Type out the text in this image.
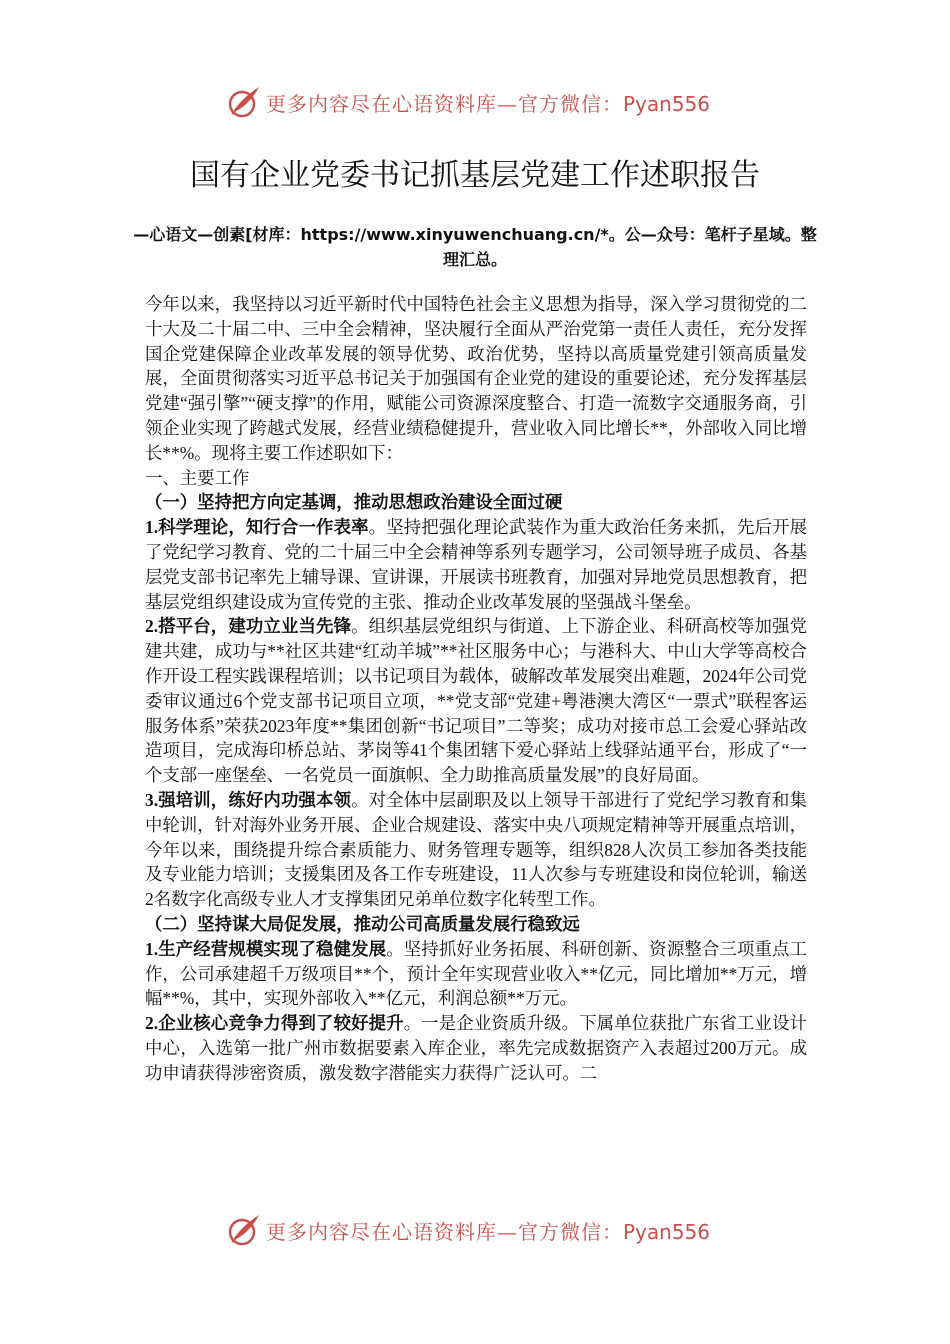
更多内容尽在心语资料库—官方微信：Pyan556
国有企业党委书记抓基层党建工作述职报告
—心语文—创素[材库：https://www.xinyuwenchuang.cn/*。公—众号：笔杆子星域。整理汇总。

今年以来，我坚持以习近平新时代中国特色社会主义思想为指导，深入学习贯彻党的二十大及二十届二中、三中全会精神，坚决履行全面从严治党第一责任人责任，充分发挥国企党建保障企业改革发展的领导优势、政治优势，坚持以高质量党建引领高质量发展，全面贯彻落实习近平总书记关于加强国有企业党的建设的重要论述，充分发挥基层党建“强引擎”“硬支撑”的作用，赋能公司资源深度整合、打造一流数字交通服务商，引领企业实现了跨越式发展，经营业绩稳健提升，营业收入同比增长**，外部收入同比增长**%。现将主要工作述职如下：

一、主要工作

（一）坚持把方向定基调，推动思想政治建设全面过硬

1.科学理论，知行合一作表率。坚持把强化理论武装作为重大政治任务来抓，先后开展了党纪学习教育、党的二十届三中全会精神等系列专题学习，公司领导班子成员、各基层党支部书记率先上辅导课、宣讲课，开展读书班教育，加强对异地党员思想教育，把基层党组织建设成为宣传党的主张、推动企业改革发展的坚强战斗堡垒。

2.搭平台，建功立业当先锋。组织基层党组织与街道、上下游企业、科研高校等加强党建共建，成功与**社区共建“红动羊城”**社区服务中心；与港科大、中山大学等高校合作开设工程实践课程培训；以书记项目为载体，破解改革发展突出难题，2024年公司党委审议通过6个党支部书记项目立项，**党支部“党建+粤港澳大湾区“一票式”联程客运服务体系”荣获2023年度**集团创新“书记项目”二等奖；成功对接市总工会爱心驿站改造项目，完成海印桥总站、茅岗等41个集团辖下爱心驿站上线驿站通平台，形成了“一个支部一座堡垒、一名党员一面旗帜、全力助推高质量发展”的良好局面。

3.强培训，练好内功强本领。对全体中层副职及以上领导干部进行了党纪学习教育和集中轮训，针对海外业务开展、企业合规建设、落实中央八项规定精神等开展重点培训，今年以来，围绕提升综合素质能力、财务管理专题等，组织828人次员工参加各类技能及专业能力培训；支援集团及各工作专班建设，11人次参与专班建设和岗位轮训，输送2名数字化高级专业人才支撑集团兄弟单位数字化转型工作。

（二）坚持谋大局促发展，推动公司高质量发展行稳致远

1.生产经营规模实现了稳健发展。坚持抓好业务拓展、科研创新、资源整合三项重点工作，公司承建超千万级项目**个，预计全年实现营业收入**亿元，同比增加**万元，增幅**%，其中，实现外部收入**亿元，利润总额**万元。

2.企业核心竞争力得到了较好提升。一是企业资质升级。下属单位获批广东省工业设计中心，入选第一批广州市数据要素入库企业，率先完成数据资产入表超过200万元。成功申请获得涉密资质，激发数字潜能实力获得广泛认可。二

更多内容尽在心语资料库—官方微信：Pyan556
